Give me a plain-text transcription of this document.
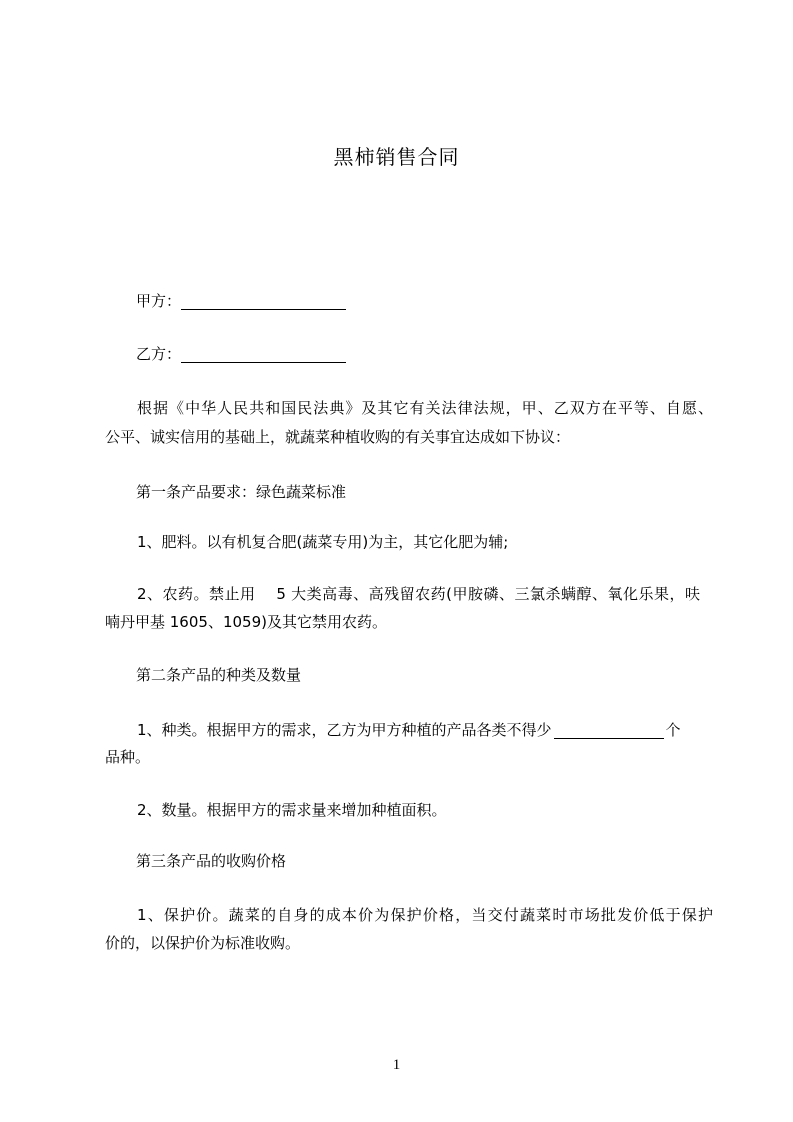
黑柿销售合同
甲方：
乙方：
根据《中华人民共和国民法典》及其它有关法律法规，甲、乙双方在平等、自愿、
公平、诚实信用的基础上，就蔬菜种植收购的有关事宜达成如下协议：
第一条产品要求：绿色蔬菜标准
1、肥料。以有机复合肥(蔬菜专用)为主，其它化肥为辅;
2、农药。禁止用　 5 大类高毒、高残留农药(甲胺磷、三氯杀螨醇、氧化乐果，呋
喃丹甲基 1605、1059)及其它禁用农药。
第二条产品的种类及数量
1、种类。根据甲方的需求，乙方为甲方种植的产品各类不得少	个
品种。
2、数量。根据甲方的需求量来增加种植面积。
第三条产品的收购价格
1、保护价。蔬菜的自身的成本价为保护价格，当交付蔬菜时市场批发价低于保护
价的，以保护价为标准收购。
1
